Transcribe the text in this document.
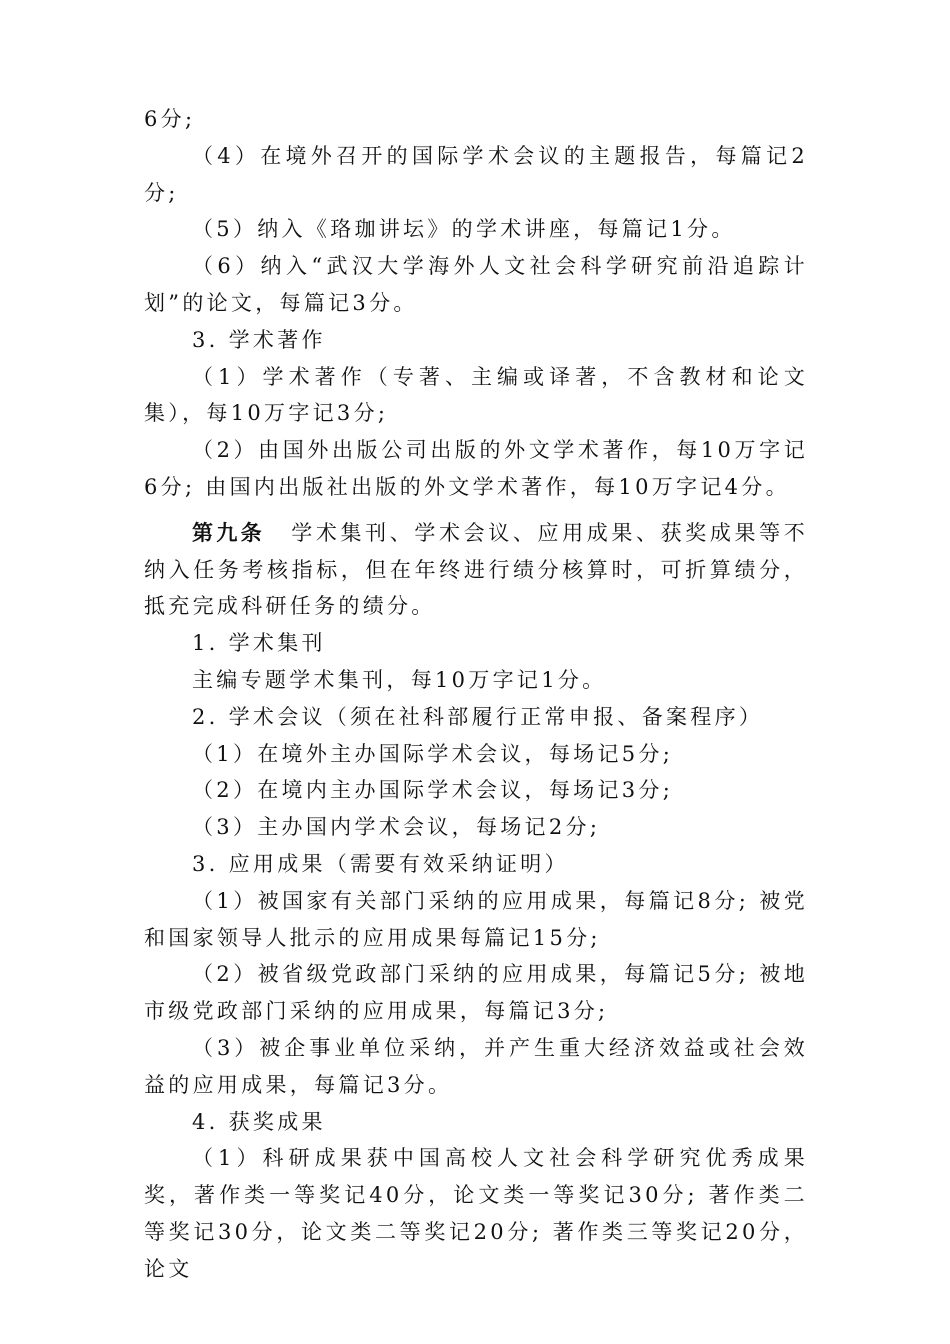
6分;

（4）在境外召开的国际学术会议的主题报告，每篇记2分;

（5）纳入《珞珈讲坛》的学术讲座，每篇记1分。

（6）纳入“武汉大学海外人文社会科学研究前沿追踪计划”的论文，每篇记3分。

3. 学术著作

（1）学术著作（专著、主编或译著，不含教材和论文集），每10万字记3分;

（2）由国外出版公司出版的外文学术著作，每10万字记6分; 由国内出版社出版的外文学术著作，每10万字记4分。

第九条 学术集刊、学术会议、应用成果、获奖成果等不纳入任务考核指标，但在年终进行绩分核算时，可折算绩分，抵充完成科研任务的绩分。

1. 学术集刊

主编专题学术集刊，每10万字记1分。

2. 学术会议（须在社科部履行正常申报、备案程序）

（1）在境外主办国际学术会议，每场记5分;

（2）在境内主办国际学术会议，每场记3分;

（3）主办国内学术会议，每场记2分;

3. 应用成果（需要有效采纳证明）

（1）被国家有关部门采纳的应用成果，每篇记8分; 被党和国家领导人批示的应用成果每篇记15分;

（2）被省级党政部门采纳的应用成果，每篇记5分; 被地市级党政部门采纳的应用成果，每篇记3分;

（3）被企事业单位采纳，并产生重大经济效益或社会效益的应用成果，每篇记3分。

4. 获奖成果

（1）科研成果获中国高校人文社会科学研究优秀成果奖，著作类一等奖记40分，论文类一等奖记30分; 著作类二等奖记30分，论文类二等奖记20分; 著作类三等奖记20分，论文
